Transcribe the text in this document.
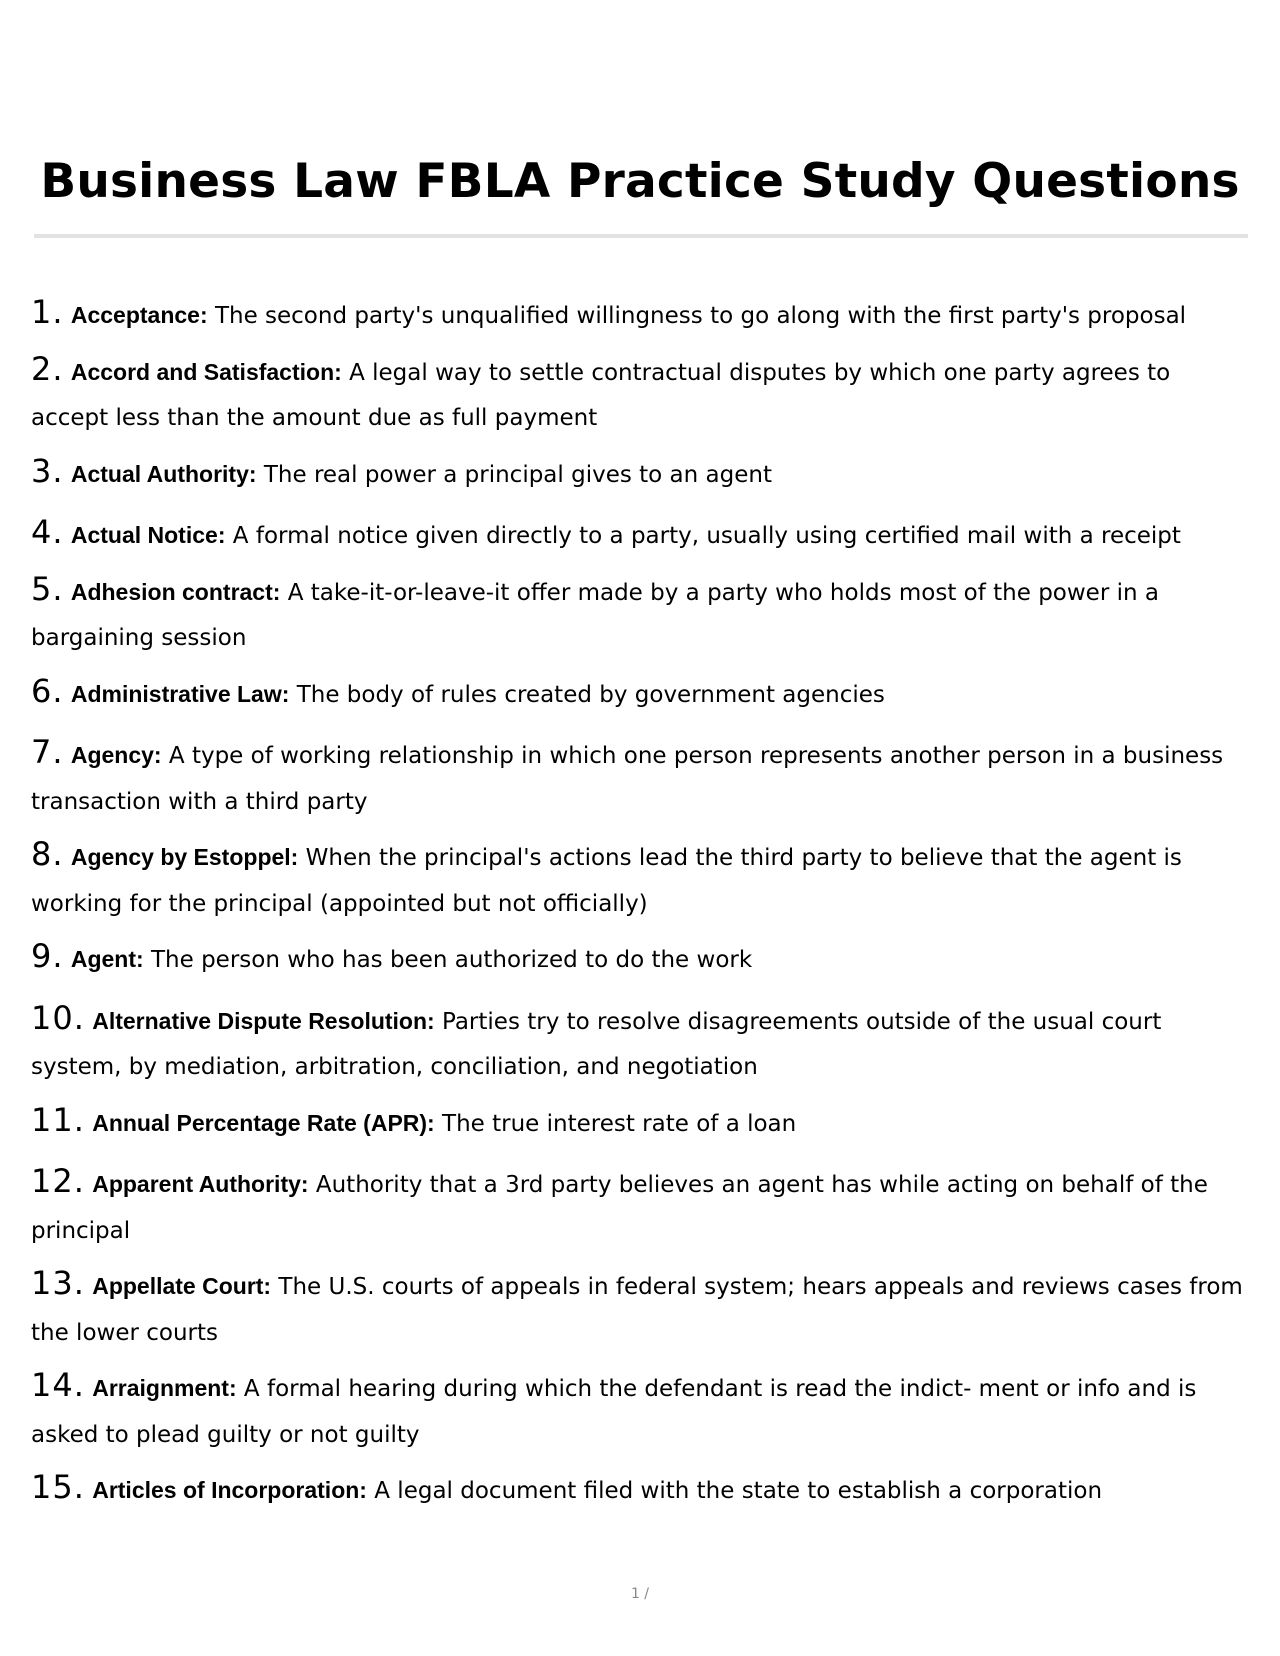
Business Law FBLA Practice Study Questions
1. Acceptance: The second party's unqualified willingness to go along with the first party's proposal
2. Accord and Satisfaction: A legal way to settle contractual disputes by which one party agrees to accept less than the amount due as full payment
3. Actual Authority: The real power a principal gives to an agent
4. Actual Notice: A formal notice given directly to a party, usually using certified mail with a receipt
5. Adhesion contract: A take-it-or-leave-it offer made by a party who holds most of the power in a bargaining session
6. Administrative Law: The body of rules created by government agencies
7. Agency: A type of working relationship in which one person represents another person in a business transaction with a third party
8. Agency by Estoppel: When the principal's actions lead the third party to believe that the agent is working for the principal (appointed but not officially)
9. Agent: The person who has been authorized to do the work
10. Alternative Dispute Resolution: Parties try to resolve disagreements outside of the usual court system, by mediation, arbitration, conciliation, and negotiation
11. Annual Percentage Rate (APR): The true interest rate of a loan
12. Apparent Authority: Authority that a 3rd party believes an agent has while acting on behalf of the principal
13. Appellate Court: The U.S. courts of appeals in federal system; hears appeals and reviews cases from the lower courts
14. Arraignment: A formal hearing during which the defendant is read the indict- ment or info and is asked to plead guilty or not guilty
15. Articles of Incorporation: A legal document filed with the state to establish a corporation
1 /
